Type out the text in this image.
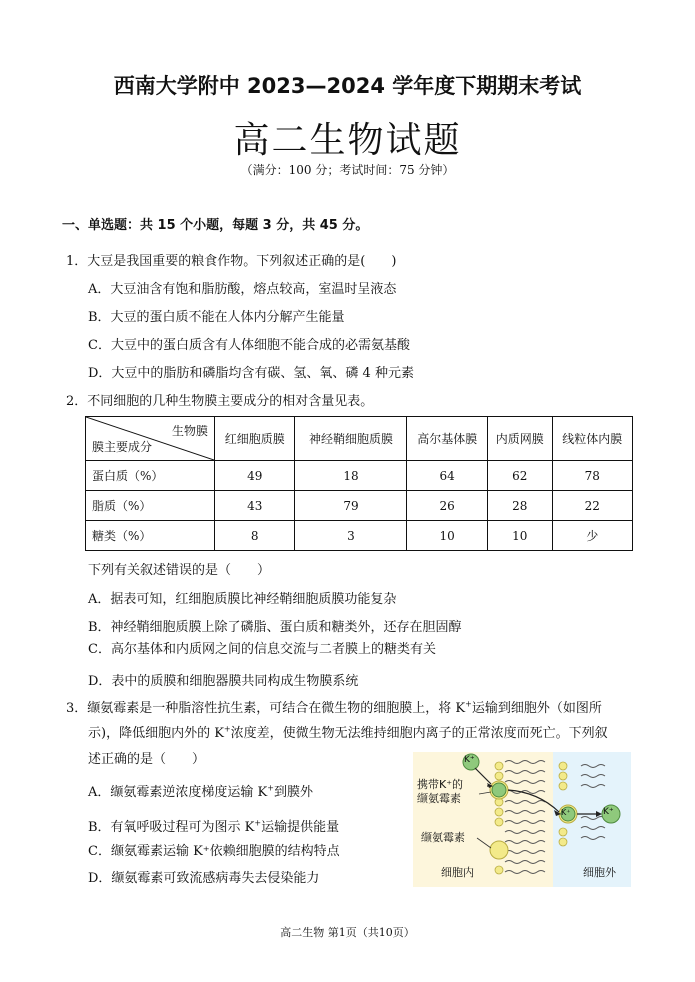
西南大学附中 2023—2024 学年度下期期末考试
高二生物试题
（满分：100 分；考试时间：75 分钟）
一、单选题：共 15 个小题，每题 3 分，共 45 分。
1．大豆是我国重要的粮食作物。下列叙述正确的是(　　)
A．大豆油含有饱和脂肪酸，熔点较高，室温时呈液态
B．大豆的蛋白质不能在人体内分解产生能量
C．大豆中的蛋白质含有人体细胞不能合成的必需氨基酸
D．大豆中的脂肪和磷脂均含有碳、氢、氧、磷 4 种元素
2．不同细胞的几种生物膜主要成分的相对含量见表。
生物膜
膜主要成分	红细胞质膜	神经鞘细胞质膜	高尔基体膜	内质网膜	线粒体内膜
蛋白质（%）	49	18	64	62	78
脂质（%）	43	79	26	28	22
糖类（%）	8	3	10	10	少
下列有关叙述错误的是（　　）
A．据表可知，红细胞质膜比神经鞘细胞质膜功能复杂
B．神经鞘细胞质膜上除了磷脂、蛋白质和糖类外，还存在胆固醇
C．高尔基体和内质网之间的信息交流与二者膜上的糖类有关
D．表中的质膜和细胞器膜共同构成生物膜系统
3．缬氨霉素是一种脂溶性抗生素，可结合在微生物的细胞膜上，将 K+运输到细胞外（如图所
示)，降低细胞内外的 K+浓度差，使微生物无法维持细胞内离子的正常浓度而死亡。下列叙
述正确的是（　　）
A．缬氨霉素逆浓度梯度运输 K+到膜外
B．有氧呼吸过程可为图示 K+运输提供能量
C．缬氨霉素运输 K⁺依赖细胞膜的结构特点
D．缬氨霉素可致流感病毒失去侵染能力
K⁺
携带K⁺的
缬氨霉素
缬氨霉素
细胞内	细胞外
K⁺	K⁺
高二生物 第1页（共10页）
